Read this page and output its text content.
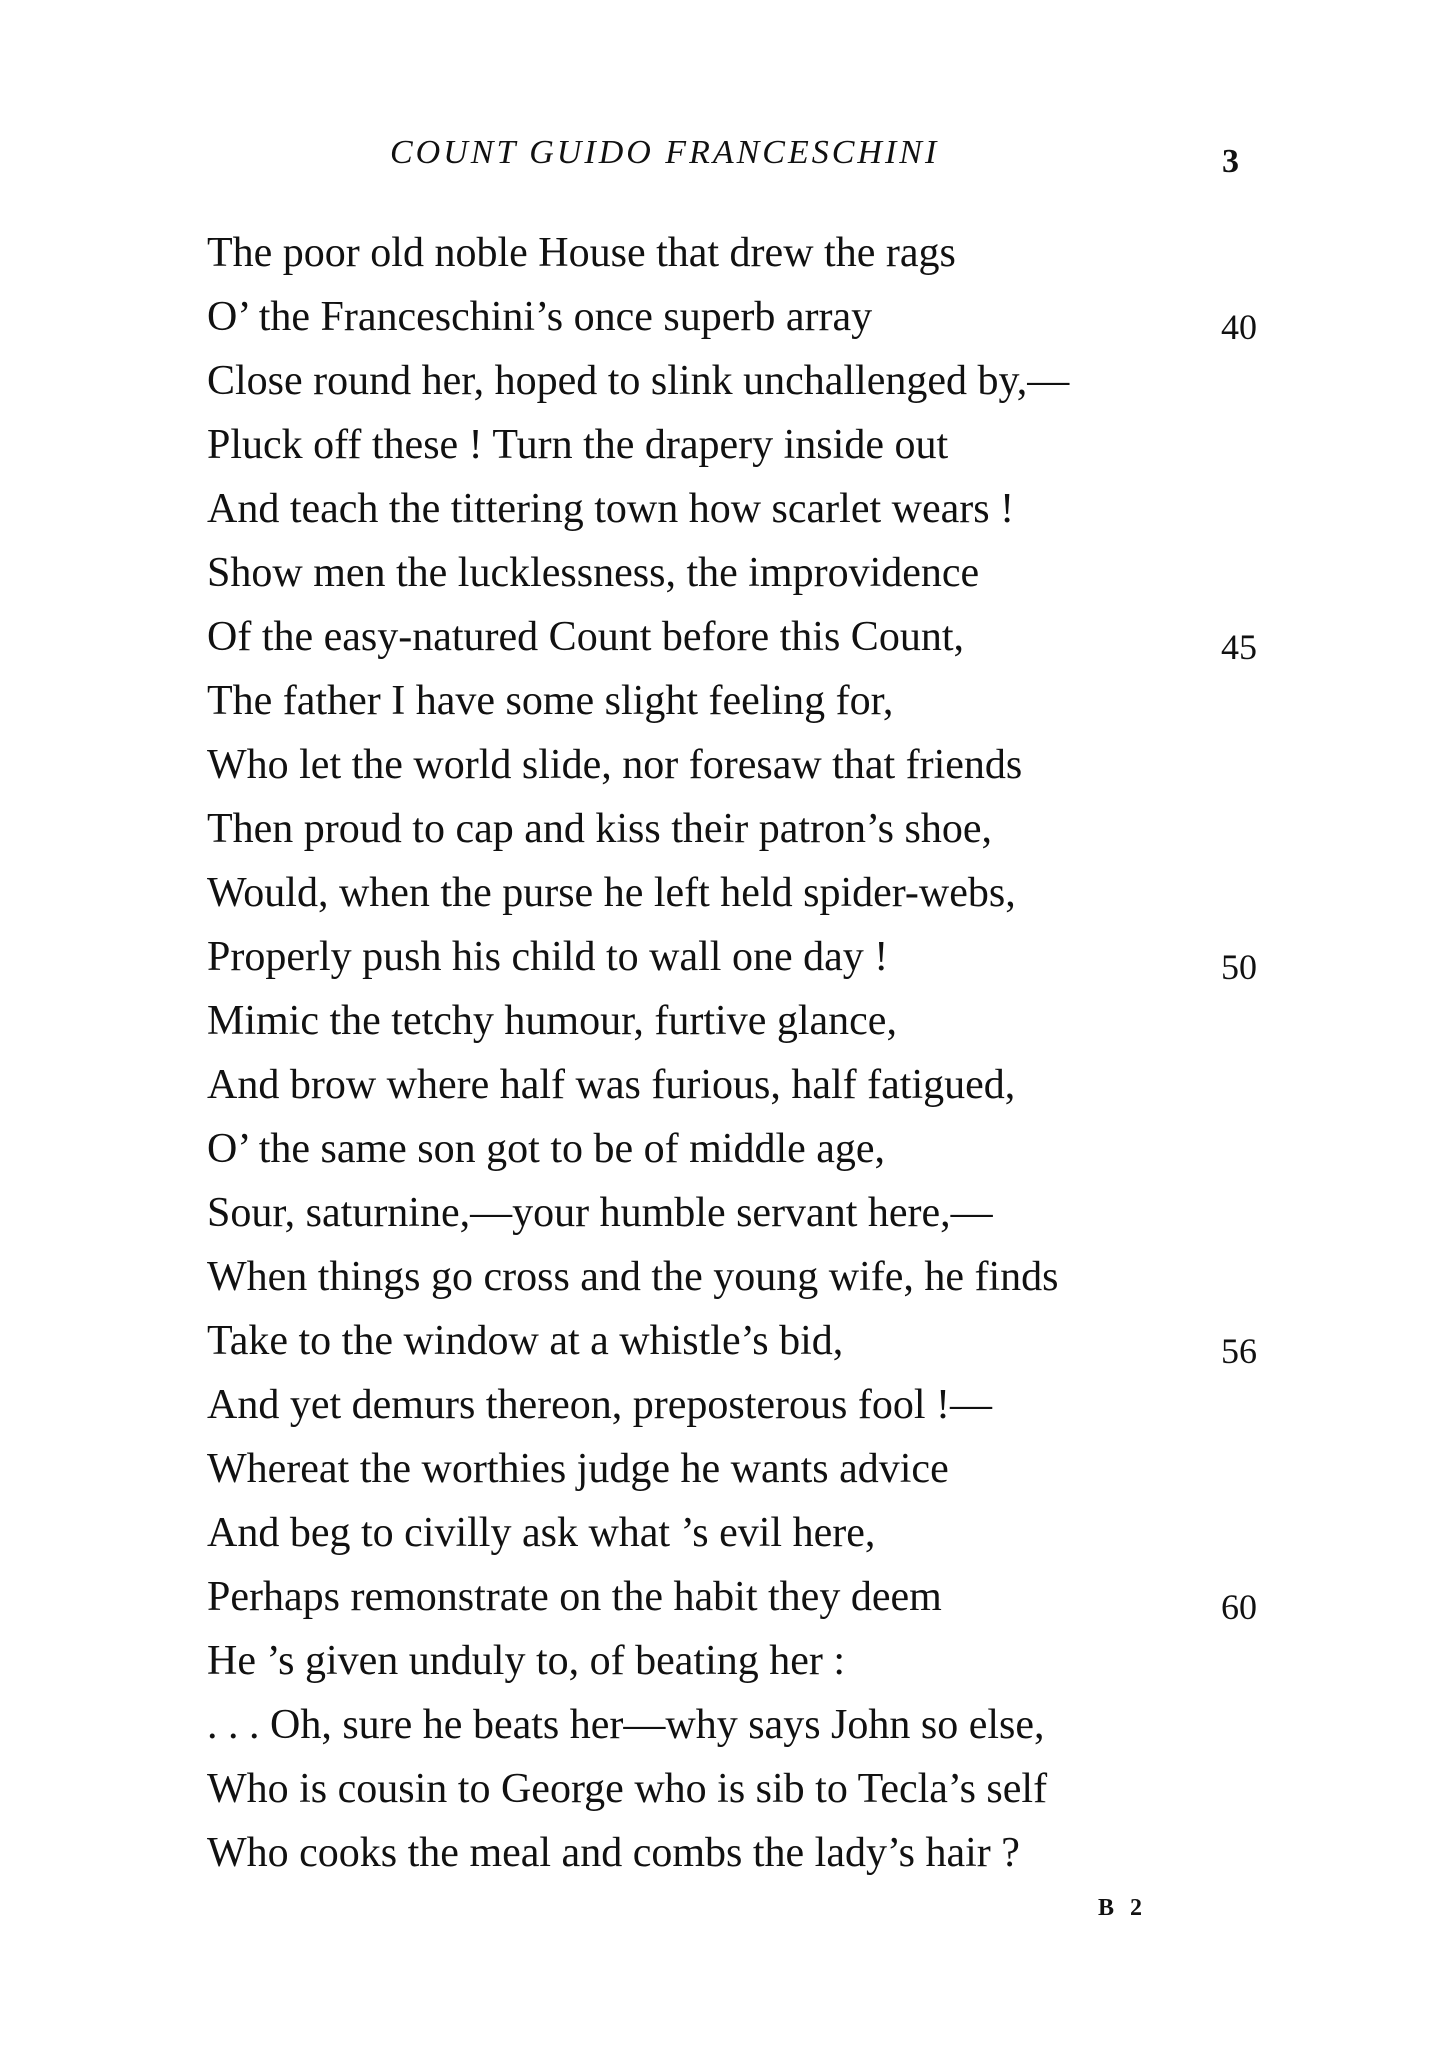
COUNT GUIDO FRANCESCHINI	3
The poor old noble House that drew the rags
O’ the Franceschini’s once superb array	40
Close round her, hoped to slink unchallenged by,—
Pluck off these ! Turn the drapery inside out
And teach the tittering town how scarlet wears !
Show men the lucklessness, the improvidence
Of the easy-natured Count before this Count,	45
The father I have some slight feeling for,
Who let the world slide, nor foresaw that friends
Then proud to cap and kiss their patron’s shoe,
Would, when the purse he left held spider-webs,
Properly push his child to wall one day !	50
Mimic the tetchy humour, furtive glance,
And brow where half was furious, half fatigued,
O’ the same son got to be of middle age,
Sour, saturnine,—your humble servant here,—
When things go cross and the young wife, he finds
Take to the window at a whistle’s bid,	56
And yet demurs thereon, preposterous fool !—
Whereat the worthies judge he wants advice
And beg to civilly ask what ’s evil here,
Perhaps remonstrate on the habit they deem	60
He ’s given unduly to, of beating her :
. . . Oh, sure he beats her—why says John so else,
Who is cousin to George who is sib to Tecla’s self
Who cooks the meal and combs the lady’s hair ?
B 2
